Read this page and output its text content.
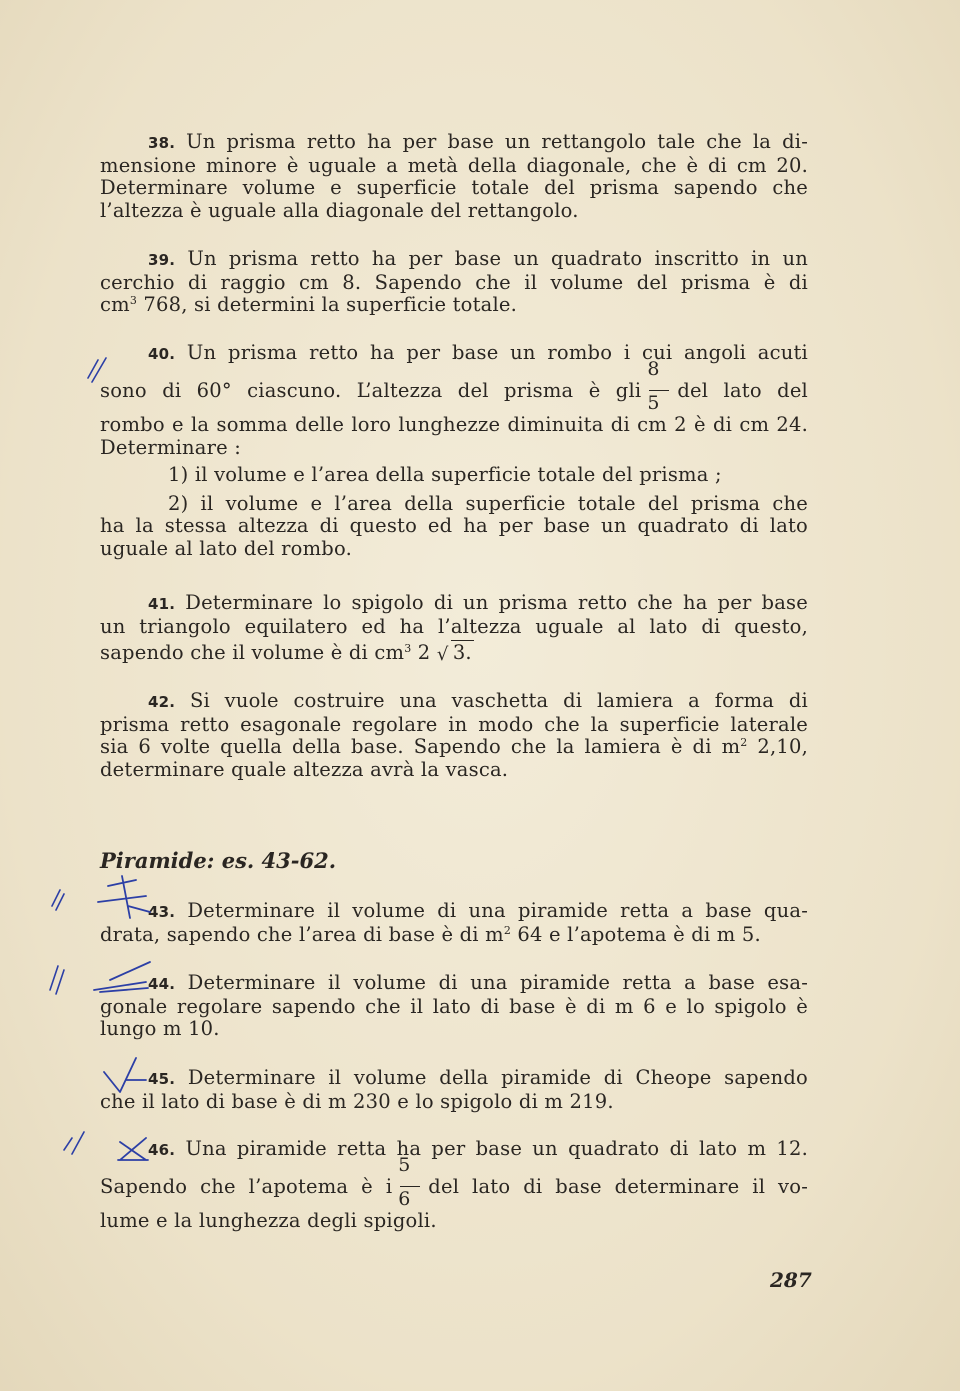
38. Un prisma retto ha per base un rettangolo tale che la di-
mensione minore è uguale a metà della diagonale, che è di cm 20.
Determinare volume e superficie totale del prisma sapendo che
l’altezza è uguale alla diagonale del rettangolo.
39. Un prisma retto ha per base un quadrato inscritto in un
cerchio di raggio cm 8. Sapendo che il volume del prisma è di
$cm^3$ 768, si determini la superficie totale.
40. Un prisma retto ha per base un rombo i cui angoli acuti
sono di 60° ciascuno. L’altezza del prisma è gli $\frac{8}{5}$ del lato del
rombo e la somma delle loro lunghezze diminuita di cm 2 è di cm 24.
Determinare :
1) il volume e l’area della superficie totale del prisma ;
2) il volume e l’area della superficie totale del prisma che
ha la stessa altezza di questo ed ha per base un quadrato di lato
uguale al lato del rombo.
41. Determinare lo spigolo di un prisma retto che ha per base
un triangolo equilatero ed ha l’altezza uguale al lato di questo,
sapendo che il volume è di $cm^3$ 2 √ 3.
42. Si vuole costruire una vaschetta di lamiera a forma di
prisma retto esagonale regolare in modo che la superficie laterale
sia 6 volte quella della base. Sapendo che la lamiera è di $m^2$ 2,10,
determinare quale altezza avrà la vasca.
Piramide: es. 43-62.
43. Determinare il volume di una piramide retta a base qua-
drata, sapendo che l’area di base è di $m^2$ 64 e l’apotema è di m 5.
44. Determinare il volume di una piramide retta a base esa-
gonale regolare sapendo che il lato di base è di m 6 e lo spigolo è
lungo m 10.
45. Determinare il volume della piramide di Cheope sapendo
che il lato di base è di m 230 e lo spigolo di m 219.
46. Una piramide retta ha per base un quadrato di lato m 12.
Sapendo che l’apotema è i $\frac{5}{6}$ del lato di base determinare il vo-
lume e la lunghezza degli spigoli.
287
